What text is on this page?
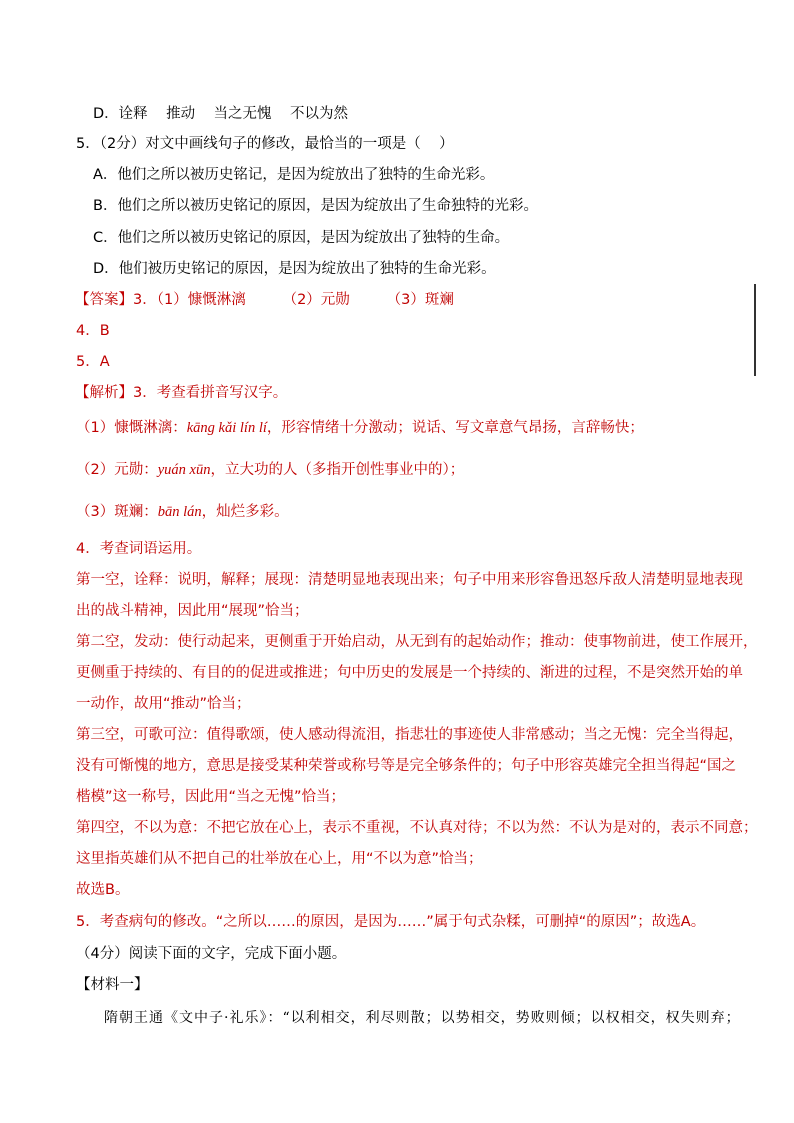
D．诠释    推动    当之无愧    不以为然
5．（2分）对文中画线句子的修改，最恰当的一项是（    ）
A．他们之所以被历史铭记，是因为绽放出了独特的生命光彩。
B．他们之所以被历史铭记的原因，是因为绽放出了生命独特的光彩。
C．他们之所以被历史铭记的原因，是因为绽放出了独特的生命。
D．他们被历史铭记的原因，是因为绽放出了独特的生命光彩。
【答案】3．（1）慷慨淋漓        （2）元勋        （3）斑斓
4．B
5．A
【解析】3．考查看拼音写汉字。
（1）慷慨淋漓：kāng kǎi lín lí，形容情绪十分激动；说话、写文章意气昂扬，言辞畅快；
（2）元勋：yuán xūn，立大功的人（多指开创性事业中的）；
（3）斑斓：bān lán，灿烂多彩。
4．考查词语运用。
第一空，诠释：说明，解释；展现：清楚明显地表现出来；句子中用来形容鲁迅怒斥敌人清楚明显地表现
出的战斗精神，因此用“展现”恰当；
第二空，发动：使行动起来，更侧重于开始启动，从无到有的起始动作；推动：使事物前进，使工作展开，
更侧重于持续的、有目的的促进或推进；句中历史的发展是一个持续的、渐进的过程，不是突然开始的单
一动作，故用“推动”恰当；
第三空，可歌可泣：值得歌颂，使人感动得流泪，指悲壮的事迹使人非常感动；当之无愧：完全当得起，
没有可惭愧的地方，意思是接受某种荣誉或称号等是完全够条件的；句子中形容英雄完全担当得起“国之
楷模”这一称号，因此用“当之无愧”恰当；
第四空，不以为意：不把它放在心上，表示不重视，不认真对待；不以为然：不认为是对的，表示不同意；
这里指英雄们从不把自己的壮举放在心上，用“不以为意”恰当；
故选B。
5．考查病句的修改。“之所以……的原因，是因为……”属于句式杂糅，可删掉“的原因”；故选A。
（4分）阅读下面的文字，完成下面小题。
【材料一】
隋朝王通《文中子·礼乐》：“以利相交，利尽则散；以势相交，势败则倾；以权相交，权失则弃；
